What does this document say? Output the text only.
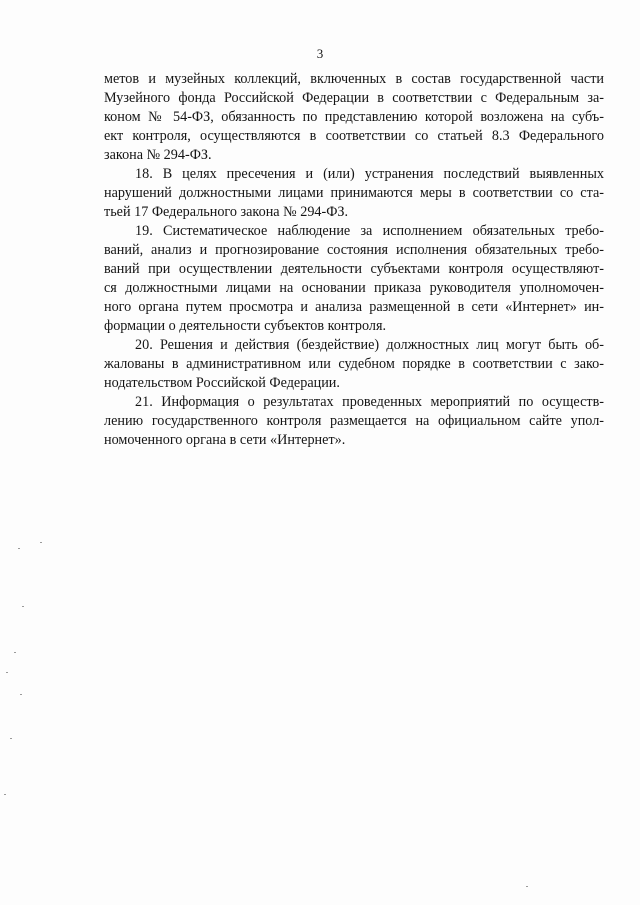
3
метов и музейных коллекций, включенных в состав государственной части
Музейного фонда Российской Федерации в соответствии с Федеральным за-
коном № 54-ФЗ, обязанность по представлению которой возложена на субъ-
ект контроля, осуществляются в соответствии со статьей 8.3 Федерального
закона № 294-ФЗ.
18. В целях пресечения и (или) устранения последствий выявленных
нарушений должностными лицами принимаются меры в соответствии со ста-
тьей 17 Федерального закона № 294-ФЗ.
19. Систематическое наблюдение за исполнением обязательных требо-
ваний, анализ и прогнозирование состояния исполнения обязательных требо-
ваний при осуществлении деятельности субъектами контроля осуществляют-
ся должностными лицами на основании приказа руководителя уполномочен-
ного органа путем просмотра и анализа размещенной в сети «Интернет» ин-
формации о деятельности субъектов контроля.
20. Решения и действия (бездействие) должностных лиц могут быть об-
жалованы в административном или судебном порядке в соответствии с зако-
нодательством Российской Федерации.
21. Информация о результатах проведенных мероприятий по осуществ-
лению государственного контроля размещается на официальном сайте упол-
номоченного органа в сети «Интернет».
